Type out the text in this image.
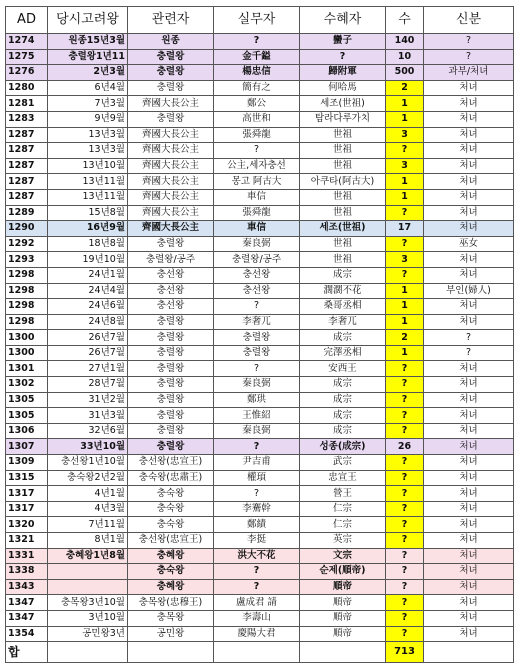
AD	당시고려왕	관련자	실무자	수혜자	수	신분
1274	원종15년3월	원종	?	蠻子	140	?
1275	충렬왕1년11	충렬왕	金千鎰	?	10	?
1276	2년3월	충렬왕	楊忠信	歸附軍	500	과부/처녀
1280	6년4월	충렬왕	簡有之	何哈馬	2	처녀
1281	7년3월	齊國大長公主	鄭公	세조(世祖)	1	처녀
1283	9년9월	충렬왕	高世和	탐라다루가치	1	처녀
1287	13년3월	齊國大長公主	張舜龍	世祖	3	처녀
1287	13년3월	齊國大長公主	?	世祖	?	처녀
1287	13년10월	齊國大長公主	公主,세자충선	世祖	3	처녀
1287	13년11월	齊國大長公主	몽고 阿古大	아쿠타(阿古大)	1	처녀
1287	13년11월	齊國大長公主	車信	世祖	1	처녀
1289	15년8월	齊國大長公主	張舜龍	世祖	?	처녀
1290	16년9월	齊國大長公主	車信	세조(世祖)	17	처녀
1292	18년8월	충렬왕	秦良弼	世祖	?	巫女
1293	19년10월	충렬왕/공주	충렬왕/공주	世祖	3	처녀
1298	24년1월	충선왕	충선왕	成宗	?	처녀
1298	24년4월	충선왕	충선왕	濶濶不花	1	부인(婦人)
1298	24년6월	충선왕	?	桑哥丞相	1	처녀
1298	24년8월	충렬왕	李奢兀	李奢兀	1	처녀
1300	26년7월	충렬왕	충렬왕	成宗	2	?
1300	26년7월	충렬왕	충렬왕	完澤丞相	1	?
1301	27년1월	충렬왕	?	安西王	?	처녀
1302	28년7월	충렬왕	秦良弼	成宗	?	처녀
1305	31년2월	충렬왕	鄭珙	成宗	?	처녀
1305	31년3월	충렬왕	王惟紹	成宗	?	처녀
1306	32년6월	충렬왕	秦良弼	成宗	?	처녀
1307	33년10월	충렬왕	?	성종(成宗)	26	처녀
1309	충선왕1년10월	충선왕(忠宣王)	尹吉甫	武宗	?	처녀
1315	충숙왕2년2월	충숙왕(忠肅王)	權頊	忠宣王	?	처녀
1317	4년1월	충숙왕	?	營王	?	처녀
1317	4년3월	충숙왕	李騫幹	仁宗	?	처녀
1320	7년11월	충숙왕	鄭績	仁宗	?	처녀
1321	8년1월	충선왕(忠宣王)	李挺	英宗	?	처녀
1331	충혜왕1년8월	충혜왕	洪大不花	文宗	?	처녀
1338		충숙왕	?	순제(順帝)	?	처녀
1343		충혜왕	?	順帝	?	처녀
1347	충목왕3년10월	충목왕(忠穆王)	盧成君 請	順帝	?	처녀
1347	3년10월	충목왕	李壽山	順帝	?	처녀
1354	공민왕3년	공민왕	慶陽大君	順帝	?	처녀
합					713	
